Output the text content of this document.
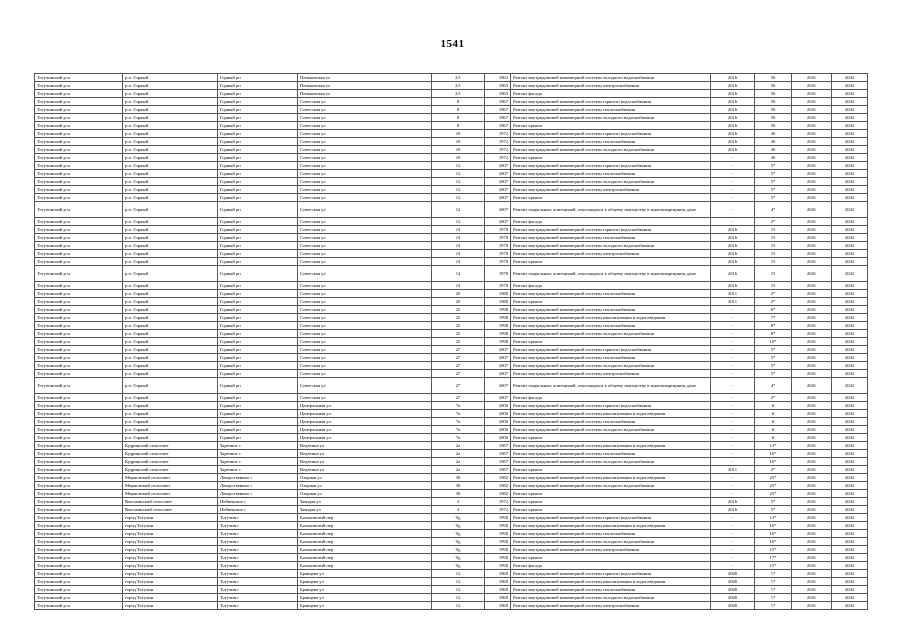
1541
Тогучинский р-н	р.п. Горный	Горный рп	Пеньковская ул	2/1	1963	Ремонт внутридомовой инженерной системы холодного водоснабжения	2016	56	2041	2043
Тогучинский р-н	р.п. Горный	Горный рп	Пеньковская ул	2/1	1963	Ремонт внутридомовой инженерной системы электроснабжения	2016	56	2041	2043
Тогучинский р-н	р.п. Горный	Горный рп	Пеньковская ул	2/1	1963	Ремонт фасада	2016	56	2041	2043
Тогучинский р-н	р.п. Горный	Горный рп	Советская ул	8	1967	Ремонт внутридомовой инженерной системы горячего водоснабжения	2016	50	2041	2043
Тогучинский р-н	р.п. Горный	Горный рп	Советская ул	8	1967	Ремонт внутридомовой инженерной системы теплоснабжения	2016	50	2041	2043
Тогучинский р-н	р.п. Горный	Горный рп	Советская ул	8	1967	Ремонт внутридомовой инженерной системы холодного водоснабжения	2016	50	2041	2043
Тогучинский р-н	р.п. Горный	Горный рп	Советская ул	8	1967	Ремонт крыши	2016	50	2041	2043
Тогучинский р-н	р.п. Горный	Горный рп	Советская ул	10	1972	Ремонт внутридомовой инженерной системы горячего водоснабжения	2016	26	2041	2043
Тогучинский р-н	р.п. Горный	Горный рп	Советская ул	10	1972	Ремонт внутридомовой инженерной системы теплоснабжения	2016	26	2041	2043
Тогучинский р-н	р.п. Горный	Горный рп	Советская ул	10	1972	Ремонт внутридомовой инженерной системы холодного водоснабжения	2016	26	2041	2043
Тогучинский р-н	р.п. Горный	Горный рп	Советская ул	10	1972	Ремонт крыши	-	26	2041	2043
Тогучинский р-н	р.п. Горный	Горный рп	Советская ул	12	2007	Ремонт внутридомовой инженерной системы горячего водоснабжения	-	5*	2041	2043
Тогучинский р-н	р.п. Горный	Горный рп	Советская ул	12	2007	Ремонт внутридомовой инженерной системы теплоснабжения	-	5*	2041	2043
Тогучинский р-н	р.п. Горный	Горный рп	Советская ул	12	2007	Ремонт внутридомовой инженерной системы холодного водоснабжения	-	5*	2041	2043
Тогучинский р-н	р.п. Горный	Горный рп	Советская ул	12	2007	Ремонт внутридомовой инженерной системы электроснабжения	-	5*	2041	2043
Тогучинский р-н	р.п. Горный	Горный рп	Советская ул	12	2007	Ремонт крыши	-	5*	2041	2043
Тогучинский р-н	р.п. Горный	Горный рп	Советская ул	12	2007	Ремонт подвальных помещений, относящихся к общему имуществу в многоквартирном доме	-	4*	2041	2043
Тогучинский р-н	р.п. Горный	Горный рп	Советская ул	12	2007	Ремонт фасада	-	2*	2041	2043
Тогучинский р-н	р.п. Горный	Горный рп	Советская ул	14	1978	Ремонт внутридомовой инженерной системы горячего водоснабжения	2016	15	2041	2043
Тогучинский р-н	р.п. Горный	Горный рп	Советская ул	14	1978	Ремонт внутридомовой инженерной системы теплоснабжения	2016	15	2041	2043
Тогучинский р-н	р.п. Горный	Горный рп	Советская ул	14	1978	Ремонт внутридомовой инженерной системы холодного водоснабжения	2016	15	2041	2043
Тогучинский р-н	р.п. Горный	Горный рп	Советская ул	14	1978	Ремонт внутридомовой инженерной системы электроснабжения	2016	15	2041	2043
Тогучинский р-н	р.п. Горный	Горный рп	Советская ул	14	1978	Ремонт крыши	2016	15	2041	2043
Тогучинский р-н	р.п. Горный	Горный рп	Советская ул	14	1978	Ремонт подвальных помещений, относящихся к общему имуществу в многоквартирном доме	2016	15	2041	2043
Тогучинский р-н	р.п. Горный	Горный рп	Советская ул	14	1978	Ремонт фасада	2016	15	2041	2043
Тогучинский р-н	р.п. Горный	Горный рп	Советская ул	20	1980	Ремонт внутридомовой инженерной системы теплоснабжения	2011	2*	2041	2043
Тогучинский р-н	р.п. Горный	Горный рп	Советская ул	20	1980	Ремонт крыши	2011	2*	2041	2043
Тогучинский р-н	р.п. Горный	Горный рп	Советская ул	25	1998	Ремонт внутридомовой инженерной системы теплоснабжения	-	6*	2041	2043
Тогучинский р-н	р.п. Горный	Горный рп	Советская ул	25	1998	Ремонт внутридомовой инженерной системы канализования и водоотведения	-	7*	2041	2043
Тогучинский р-н	р.п. Горный	Горный рп	Советская ул	25	1998	Ремонт внутридомовой инженерной системы теплоснабжения	-	8*	2041	2043
Тогучинский р-н	р.п. Горный	Горный рп	Советская ул	25	1998	Ремонт внутридомовой инженерной системы холодного водоснабжения	-	8*	2041	2043
Тогучинский р-н	р.п. Горный	Горный рп	Советская ул	25	1998	Ремонт крыши	-	10*	2041	2043
Тогучинский р-н	р.п. Горный	Горный рп	Советская ул	27	2007	Ремонт внутридомовой инженерной системы горячего водоснабжения	-	5*	2041	2043
Тогучинский р-н	р.п. Горный	Горный рп	Советская ул	27	2007	Ремонт внутридомовой инженерной системы теплоснабжения	-	5*	2041	2043
Тогучинский р-н	р.п. Горный	Горный рп	Советская ул	27	2007	Ремонт внутридомовой инженерной системы холодного водоснабжения	-	5*	2041	2043
Тогучинский р-н	р.п. Горный	Горный рп	Советская ул	27	2007	Ремонт внутридомовой инженерной системы электроснабжения	-	5*	2041	2043
Тогучинский р-н	р.п. Горный	Горный рп	Советская ул	27	2007	Ремонт подвальных помещений, относящихся к общему имуществу в многоквартирном доме	-	4*	2041	2043
Тогучинский р-н	р.п. Горный	Горный рп	Советская ул	27	2007	Ремонт фасада	-	2*	2041	2043
Тогучинский р-н	р.п. Горный	Горный рп	Центральная ул	7а	2000	Ремонт внутридомовой инженерной системы горячего водоснабжения	-	6	2041	2043
Тогучинский р-н	р.п. Горный	Горный рп	Центральная ул	7а	2000	Ремонт внутридомовой инженерной системы канализования и водоотведения	-	6	2041	2043
Тогучинский р-н	р.п. Горный	Горный рп	Центральная ул	7а	2000	Ремонт внутридомовой инженерной системы теплоснабжения	-	6	2041	2043
Тогучинский р-н	р.п. Горный	Горный рп	Центральная ул	7а	2000	Ремонт внутридомовой инженерной системы холодного водоснабжения	-	6	2041	2043
Тогучинский р-н	р.п. Горный	Горный рп	Центральная ул	7а	2000	Ремонт крыши	-	6	2041	2043
Тогучинский р-н	Кудринский сельсовет	Заречное с	Ведекина ул	2а	1987	Ремонт внутридомовой инженерной системы канализования и водоотведения	-	13*	2041	2043
Тогучинский р-н	Кудринский сельсовет	Заречное с	Ведекина ул	2а	1987	Ремонт внутридомовой инженерной системы теплоснабжения	-	16*	2041	2043
Тогучинский р-н	Кудринский сельсовет	Заречное с	Ведекина ул	2а	1987	Ремонт внутридомовой инженерной системы холодного водоснабжения	-	16*	2041	2043
Тогучинский р-н	Кудринский сельсовет	Заречное с	Ведекина ул	2а	1987	Ремонт крыши	2011	2*	2041	2043
Тогучинский р-н	Мирновский сельсовет	Лекарственное с	Озерная ул	30	1982	Ремонт внутридомовой инженерной системы канализования и водоотведения	-	25*	2041	2043
Тогучинский р-н	Мирновский сельсовет	Лекарственное с	Озерная ул	30	1982	Ремонт внутридомовой инженерной системы холодного водоснабжения	-	25*	2041	2043
Тогучинский р-н	Мирновский сельсовет	Лекарственное с	Озерная ул	30	1982	Ремонт крыши	-	25*	2041	2043
Тогучинский р-н	Высокинский сельсовет	Нейвенское с	Заводая ул	2	1972	Ремонт крыши	2016	5*	2041	2043
Тогучинский р-н	Высокинский сельсовет	Нейвенское с	Заводая ул	4	1972	Ремонт крыши	2016	5*	2041	2043
Тогучинский р-н	город Тогучин	Тогучин г	Бахоновский пер	9д	1990	Ремонт внутридомовой инженерной системы горячего водоснабжения	-	13*	2041	2043
Тогучинский р-н	город Тогучин	Тогучин г	Бахоновский пер	9д	1990	Ремонт внутридомовой инженерной системы канализования и водоотведения	-	16*	2041	2043
Тогучинский р-н	город Тогучин	Тогучин г	Бахоновский пер	9д	1990	Ремонт внутридомовой инженерной системы теплоснабжения	-	16*	2041	2043
Тогучинский р-н	город Тогучин	Тогучин г	Бахоновский пер	9д	1990	Ремонт внутридомовой инженерной системы холодного водоснабжения	-	16*	2041	2043
Тогучинский р-н	город Тогучин	Тогучин г	Бахоновский пер	9д	1990	Ремонт внутридомовой инженерной системы электроснабжения	-	15*	2041	2043
Тогучинский р-н	город Тогучин	Тогучин г	Бахоновский пер	9д	1990	Ремонт крыши	-	17*	2041	2043
Тогучинский р-н	город Тогучин	Тогучин г	Бахоновский пер	9д	1990	Ремонт фасада	-	15*	2041	2043
Тогучинский р-н	город Тогучин	Тогучин г	Брянцева ул	12	1960	Ремонт внутридомовой инженерной системы горячего водоснабжения	2000	17	2041	2043
Тогучинский р-н	город Тогучин	Тогучин г	Брянцева ул	12	1960	Ремонт внутридомовой инженерной системы канализования и водоотведения	2000	17	2041	2043
Тогучинский р-н	город Тогучин	Тогучин г	Брянцева ул	12	1960	Ремонт внутридомовой инженерной системы теплоснабжения	2000	17	2041	2043
Тогучинский р-н	город Тогучин	Тогучин г	Брянцева ул	12	1960	Ремонт внутридомовой инженерной системы холодного водоснабжения	2000	17	2041	2043
Тогучинский р-н	город Тогучин	Тогучин г	Брянцева ул	12	1960	Ремонт внутридомовой инженерной системы электроснабжения	2000	17	2041	2043
